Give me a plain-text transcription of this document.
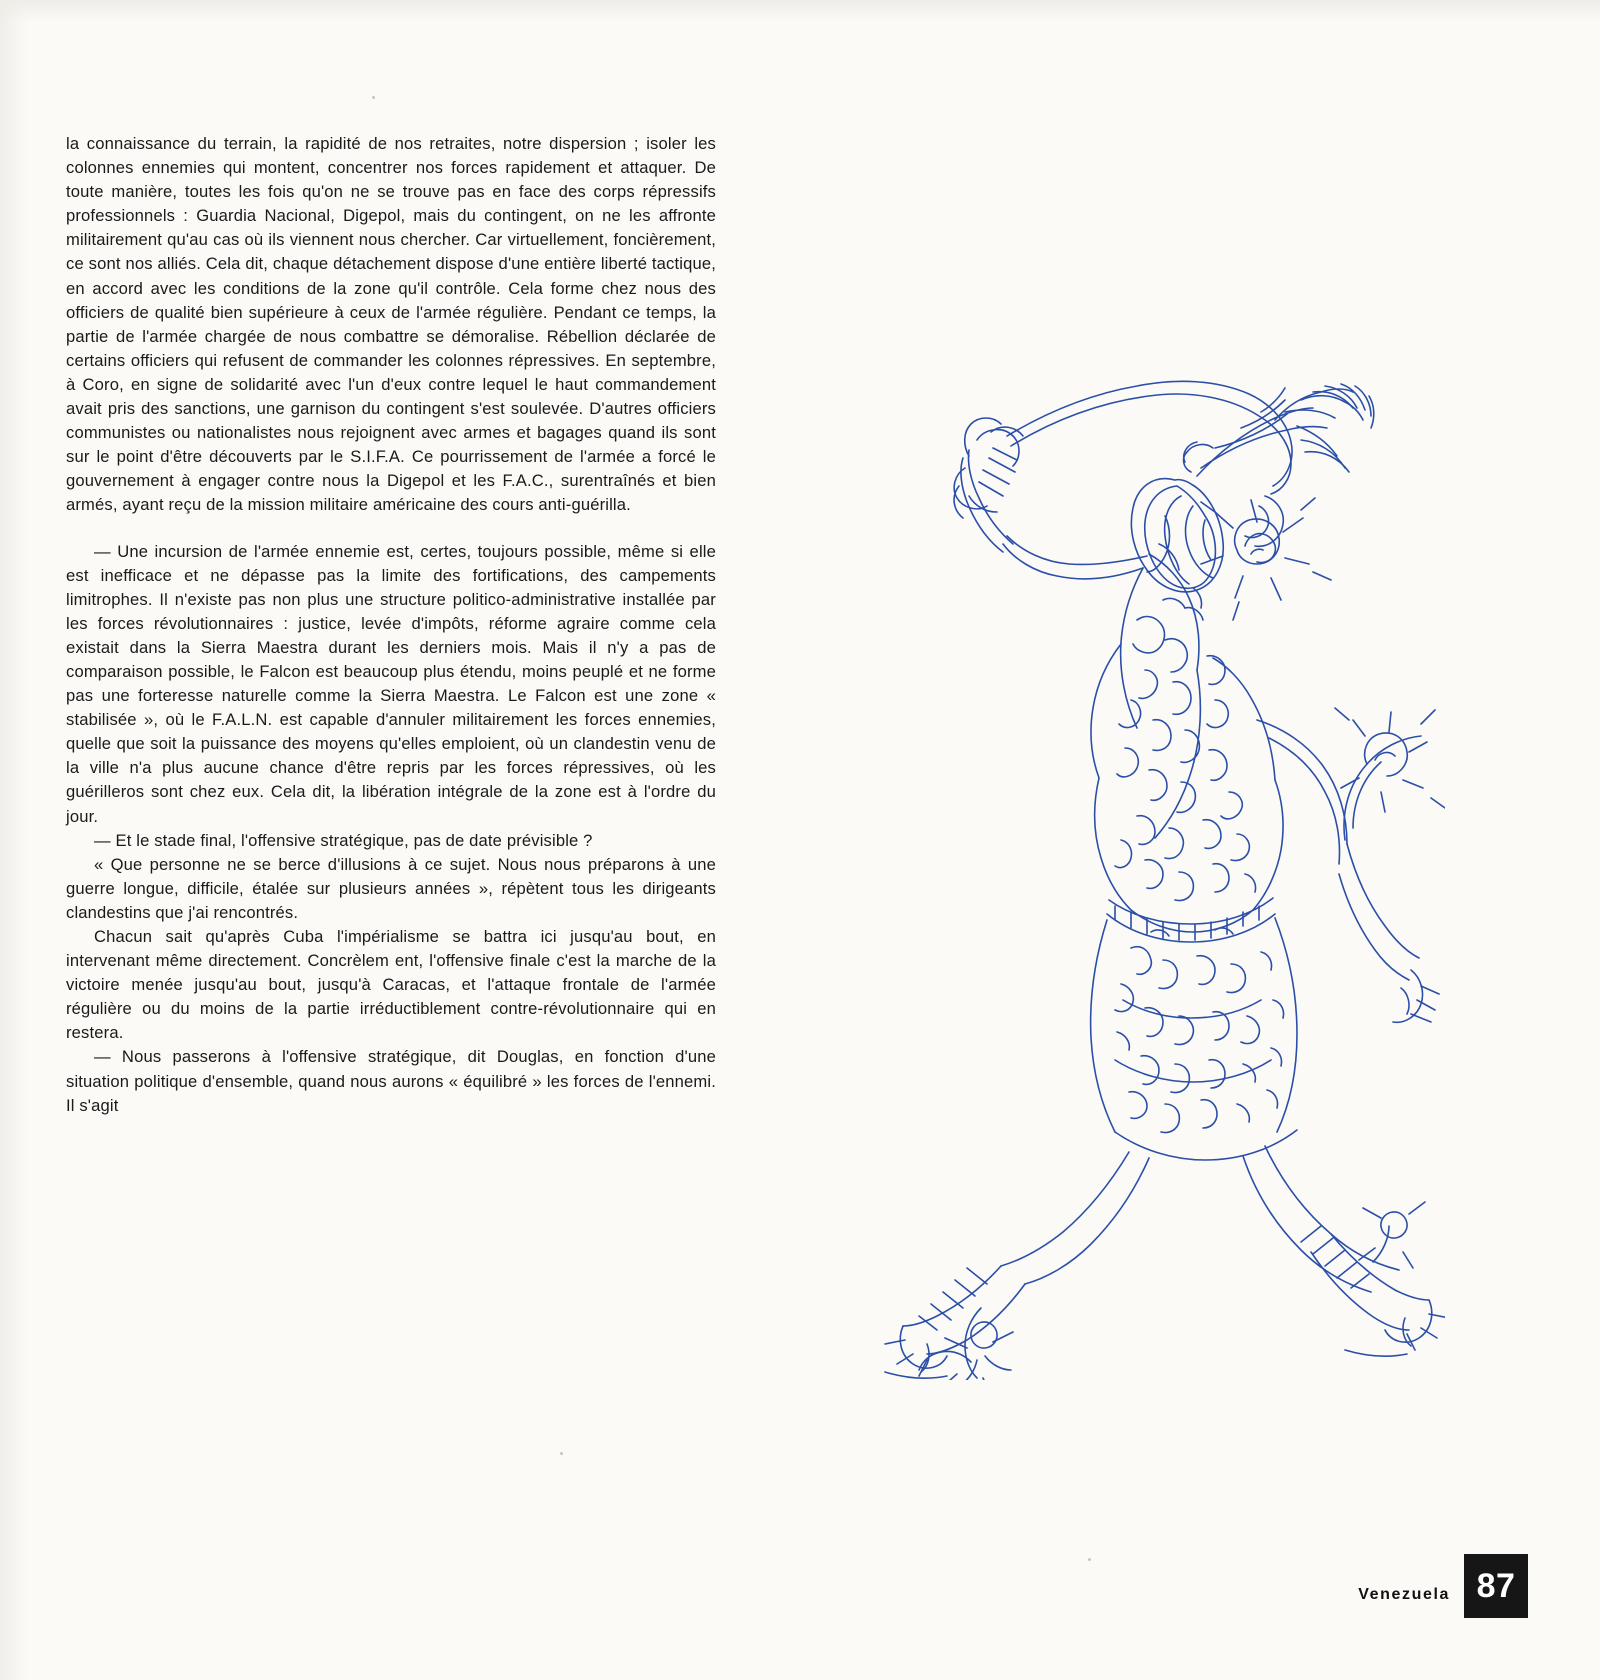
la connaissance du terrain, la rapidité de nos retraites, notre dispersion ; isoler les colonnes ennemies qui montent, concentrer nos forces rapidement et attaquer. De toute manière, toutes les fois qu'on ne se trouve pas en face des corps répressifs professionnels : Guardia Nacional, Digepol, mais du contingent, on ne les affronte militairement qu'au cas où ils viennent nous chercher. Car virtuellement, foncièrement, ce sont nos alliés. Cela dit, chaque détachement dispose d'une entière liberté tactique, en accord avec les conditions de la zone qu'il contrôle. Cela forme chez nous des officiers de qualité bien supérieure à ceux de l'armée régulière. Pendant ce temps, la partie de l'armée chargée de nous combattre se démoralise. Rébellion déclarée de certains officiers qui refusent de commander les colonnes répressives. En septembre, à Coro, en signe de solidarité avec l'un d'eux contre lequel le haut commandement avait pris des sanctions, une garnison du contingent s'est soulevée. D'autres officiers communistes ou nationalistes nous rejoignent avec armes et bagages quand ils sont sur le point d'être découverts par le S.I.F.A. Ce pourrissement de l'armée a forcé le gouvernement à engager contre nous la Digepol et les F.A.C., surentraînés et bien armés, ayant reçu de la mission militaire américaine des cours anti-guérilla.

— Une incursion de l'armée ennemie est, certes, toujours possible, même si elle est inefficace et ne dépasse pas la limite des fortifications, des campements limitrophes. Il n'existe pas non plus une structure politico-administrative installée par les forces révolutionnaires : justice, levée d'impôts, réforme agraire comme cela existait dans la Sierra Maestra durant les derniers mois. Mais il n'y a pas de comparaison possible, le Falcon est beaucoup plus étendu, moins peuplé et ne forme pas une forteresse naturelle comme la Sierra Maestra. Le Falcon est une zone « stabilisée », où le F.A.L.N. est capable d'annuler militairement les forces ennemies, quelle que soit la puissance des moyens qu'elles emploient, où un clandestin venu de la ville n'a plus aucune chance d'être repris par les forces répressives, où les guérilleros sont chez eux. Cela dit, la libération intégrale de la zone est à l'ordre du jour.

— Et le stade final, l'offensive stratégique, pas de date prévisible ?

« Que personne ne se berce d'illusions à ce sujet. Nous nous préparons à une guerre longue, difficile, étalée sur plusieurs années », répètent tous les dirigeants clandestins que j'ai rencontrés.

Chacun sait qu'après Cuba l'impérialisme se battra ici jusqu'au bout, en intervenant même directement. Concrèlem ent, l'offensive finale c'est la marche de la victoire menée jusqu'au bout, jusqu'à Caracas, et l'attaque frontale de l'armée régulière ou du moins de la partie irréductiblement contre-révolutionnaire qui en restera.

— Nous passerons à l'offensive stratégique, dit Douglas, en fonction d'une situation politique d'ensemble, quand nous aurons « équilibré » les forces de l'ennemi. Il s'agit

Venezuela 87
